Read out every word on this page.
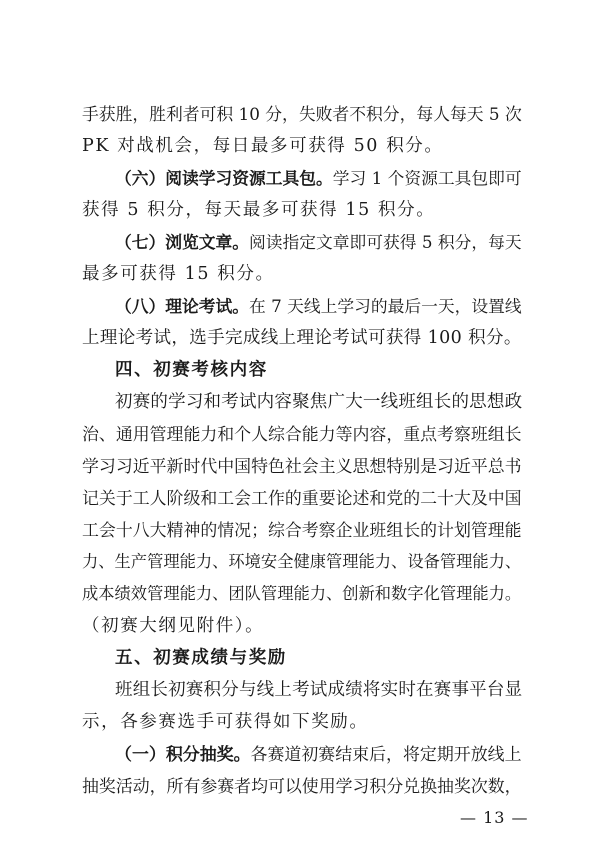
手获胜，胜利者可积 10 分，失败者不积分，每人每天 5 次
PK 对战机会，每日最多可获得 50 积分。
（六）阅读学习资源工具包。学习 1 个资源工具包即可
获得 5 积分，每天最多可获得 15 积分。
（七）浏览文章。阅读指定文章即可获得 5 积分，每天
最多可获得 15 积分。
（八）理论考试。在 7 天线上学习的最后一天，设置线
上理论考试，选手完成线上理论考试可获得 100 积分。
四、初赛考核内容
初赛的学习和考试内容聚焦广大一线班组长的思想政
治、通用管理能力和个人综合能力等内容，重点考察班组长
学习习近平新时代中国特色社会主义思想特别是习近平总书
记关于工人阶级和工会工作的重要论述和党的二十大及中国
工会十八大精神的情况；综合考察企业班组长的计划管理能
力、生产管理能力、环境安全健康管理能力、设备管理能力、
成本绩效管理能力、团队管理能力、创新和数字化管理能力。
（初赛大纲见附件）。
五、初赛成绩与奖励
班组长初赛积分与线上考试成绩将实时在赛事平台显
示，各参赛选手可获得如下奖励。
（一）积分抽奖。各赛道初赛结束后，将定期开放线上
抽奖活动，所有参赛者均可以使用学习积分兑换抽奖次数，
— 13 —
